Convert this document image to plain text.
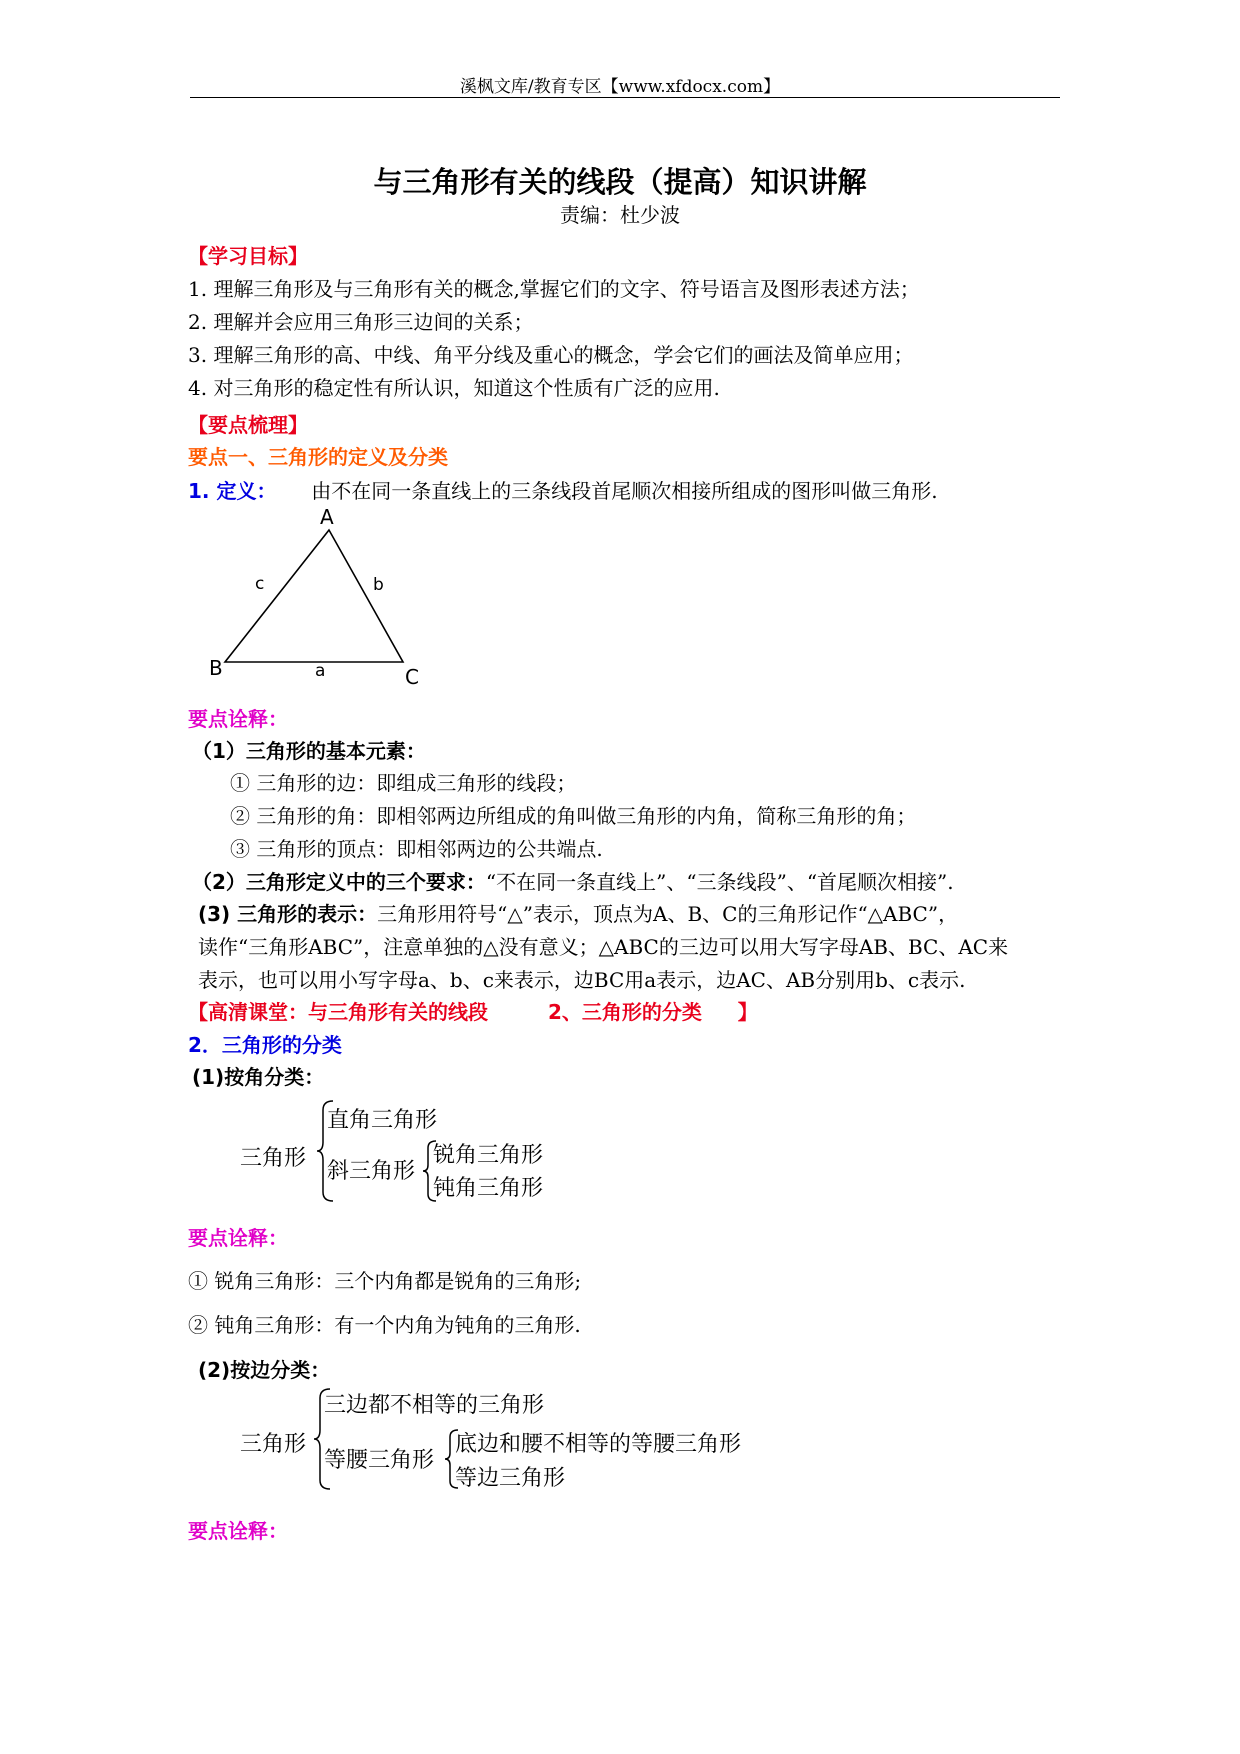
溪枫文库/教育专区【www.xfdocx.com】
与三角形有关的线段（提高）知识讲解
责编：杜少波
【学习目标】
1. 理解三角形及与三角形有关的概念,掌握它们的文字、符号语言及图形表述方法；
2. 理解并会应用三角形三边间的关系；
3. 理解三角形的高、中线、角平分线及重心的概念，学会它们的画法及简单应用；
4. 对三角形的稳定性有所认识，知道这个性质有广泛的应用.
【要点梳理】
要点一、三角形的定义及分类
1. 定义： 由不在同一条直线上的三条线段首尾顺次相接所组成的图形叫做三角形.
A
B	C
a
b
c
要点诠释：
（1）三角形的基本元素：
① 三角形的边：即组成三角形的线段；
② 三角形的角：即相邻两边所组成的角叫做三角形的内角，简称三角形的角；
③ 三角形的顶点：即相邻两边的公共端点.
（2）三角形定义中的三个要求：“不在同一条直线上”、“三条线段”、“首尾顺次相接”.
(3) 三角形的表示：三角形用符号“△”表示，顶点为A、B、C的三角形记作“△ABC”，
读作“三角形ABC”，注意单独的△没有意义；△ABC的三边可以用大写字母AB、BC、AC来
表示，也可以用小写字母a、b、c来表示，边BC用a表示，边AC、AB分别用b、c表示.
【高清课堂：与三角形有关的线段	2、三角形的分类 】
2．三角形的分类
(1)按角分类：
三角形
直角三角形
斜三角形
锐角三角形
钝角三角形
要点诠释：
① 锐角三角形：三个内角都是锐角的三角形;
② 钝角三角形：有一个内角为钝角的三角形.
(2)按边分类：
三角形
三边都不相等的三角形
等腰三角形
底边和腰不相等的等腰三角形
等边三角形
要点诠释：
